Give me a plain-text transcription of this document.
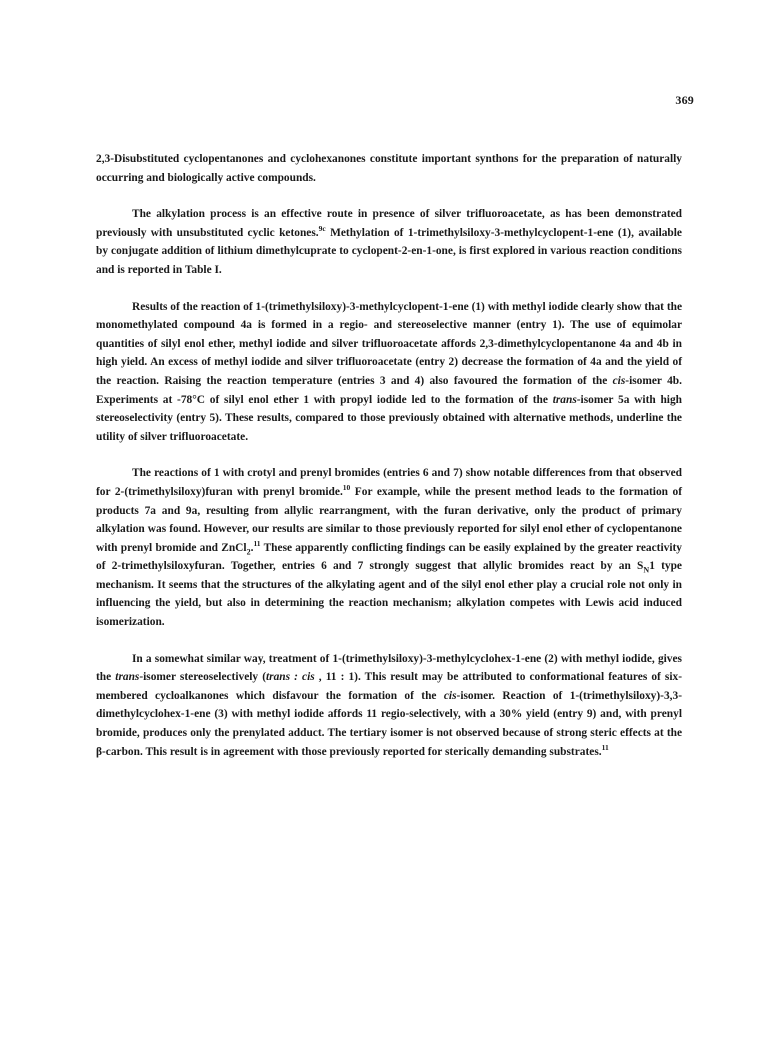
369

2,3-Disubstituted cyclopentanones and cyclohexanones constitute important synthons for the preparation of naturally occurring and biologically active compounds.

The alkylation process is an effective route in presence of silver trifluoroacetate, as has been demonstrated previously with unsubstituted cyclic ketones.$^{9c}$ Methylation of 1-trimethylsiloxy-3-methylcyclopent-1-ene (1), available by conjugate addition of lithium dimethylcuprate to cyclopent-2-en-1-one, is first explored in various reaction conditions and is reported in Table I.

Results of the reaction of 1-(trimethylsiloxy)-3-methylcyclopent-1-ene (1) with methyl iodide clearly show that the monomethylated compound 4a is formed in a regio- and stereoselective manner (entry 1). The use of equimolar quantities of silyl enol ether, methyl iodide and silver trifluoroacetate affords 2,3-dimethylcyclopentanone 4a and 4b in high yield. An excess of methyl iodide and silver trifluoroacetate (entry 2) decrease the formation of 4a and the yield of the reaction. Raising the reaction temperature (entries 3 and 4) also favoured the formation of the cis-isomer 4b. Experiments at -78°C of silyl enol ether 1 with propyl iodide led to the formation of the trans-isomer 5a with high stereoselectivity (entry 5). These results, compared to those previously obtained with alternative methods, underline the utility of silver trifluoroacetate.

The reactions of 1 with crotyl and prenyl bromides (entries 6 and 7) show notable differences from that observed for 2-(trimethylsiloxy)furan with prenyl bromide.$^{10}$ For example, while the present method leads to the formation of products 7a and 9a, resulting from allylic rearrangment, with the furan derivative, only the product of primary alkylation was found. However, our results are similar to those previously reported for silyl enol ether of cyclopentanone with prenyl bromide and ZnCl$_2$.$^{11}$ These apparently conflicting findings can be easily explained by the greater reactivity of 2-trimethylsiloxyfuran. Together, entries 6 and 7 strongly suggest that allylic bromides react by an $S_N1$ type mechanism. It seems that the structures of the alkylating agent and of the silyl enol ether play a crucial role not only in influencing the yield, but also in determining the reaction mechanism; alkylation competes with Lewis acid induced isomerization.

In a somewhat similar way, treatment of 1-(trimethylsiloxy)-3-methylcyclohex-1-ene (2) with methyl iodide, gives the trans-isomer stereoselectively (trans : cis , 11 : 1). This result may be attributed to conformational features of six-membered cycloalkanones which disfavour the formation of the cis-isomer. Reaction of 1-(trimethylsiloxy)-3,3-dimethylcyclohex-1-ene (3) with methyl iodide affords 11 regio-selectively, with a 30% yield (entry 9) and, with prenyl bromide, produces only the prenylated adduct. The tertiary isomer is not observed because of strong steric effects at the β-carbon. This result is in agreement with those previously reported for sterically demanding substrates.$^{11}$
